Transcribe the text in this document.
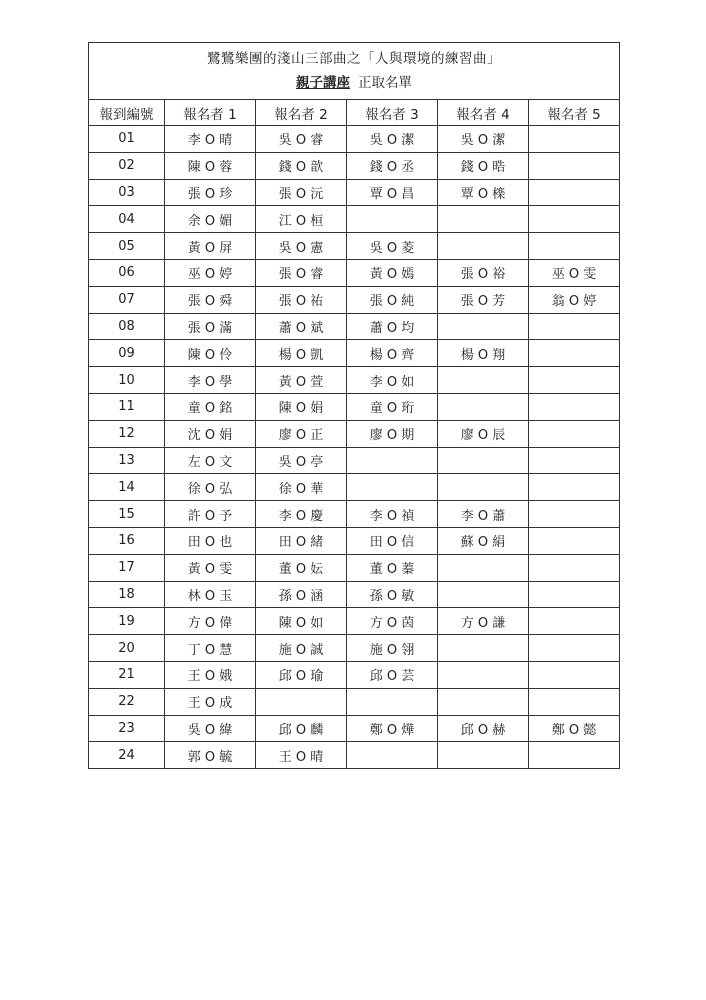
鷺鷺樂團的淺山三部曲之「人與環境的練習曲」
親子講座 正取名單					

報到編號	報名者 1	報名者 2	報名者 3	報名者 4	報名者 5
01	李 O 晴	吳 O 睿	吳 O 潔	吳 O 潔	
02	陳 O 蓉	錢 O 歆	錢 O 丞	錢 O 晧	
03	張 O 珍	張 O 沅	覃 O 昌	覃 O 檪	
04	余 O 媚	江 O 桓			
05	黃 O 屏	吳 O 憲	吳 O 菱		
06	巫 O 婷	張 O 睿	黃 O 嫣	張 O 裕	巫 O 雯
07	張 O 舜	張 O 祐	張 O 純	張 O 芳	翁 O 婷
08	張 O 滿	蕭 O 斌	蕭 O 均		
09	陳 O 伶	楊 O 凱	楊 O 齊	楊 O 翔	
10	李 O 學	黃 O 萱	李 O 如		
11	童 O 銘	陳 O 娟	童 O 珩		
12	沈 O 娟	廖 O 正	廖 O 期	廖 O 辰	
13	左 O 文	吳 O 亭			
14	徐 O 弘	徐 O 華			
15	許 O 予	李 O 慶	李 O 禎	李 O 蕭	
16	田 O 也	田 O 緒	田 O 信	蘇 O 絹	
17	黃 O 雯	董 O 妘	董 O 蓁		
18	林 O 玉	孫 O 涵	孫 O 敏		
19	方 O 偉	陳 O 如	方 O 茵	方 O 謙	
20	丁 O 慧	施 O 誠	施 O 翎		
21	王 O 娥	邱 O 瑜	邱 O 芸		
22	王 O 成				
23	吳 O 緯	邱 O 麟	鄭 O 燁	邱 O 赫	鄭 O 懿
24	郭 O 毓	王 O 晴			
